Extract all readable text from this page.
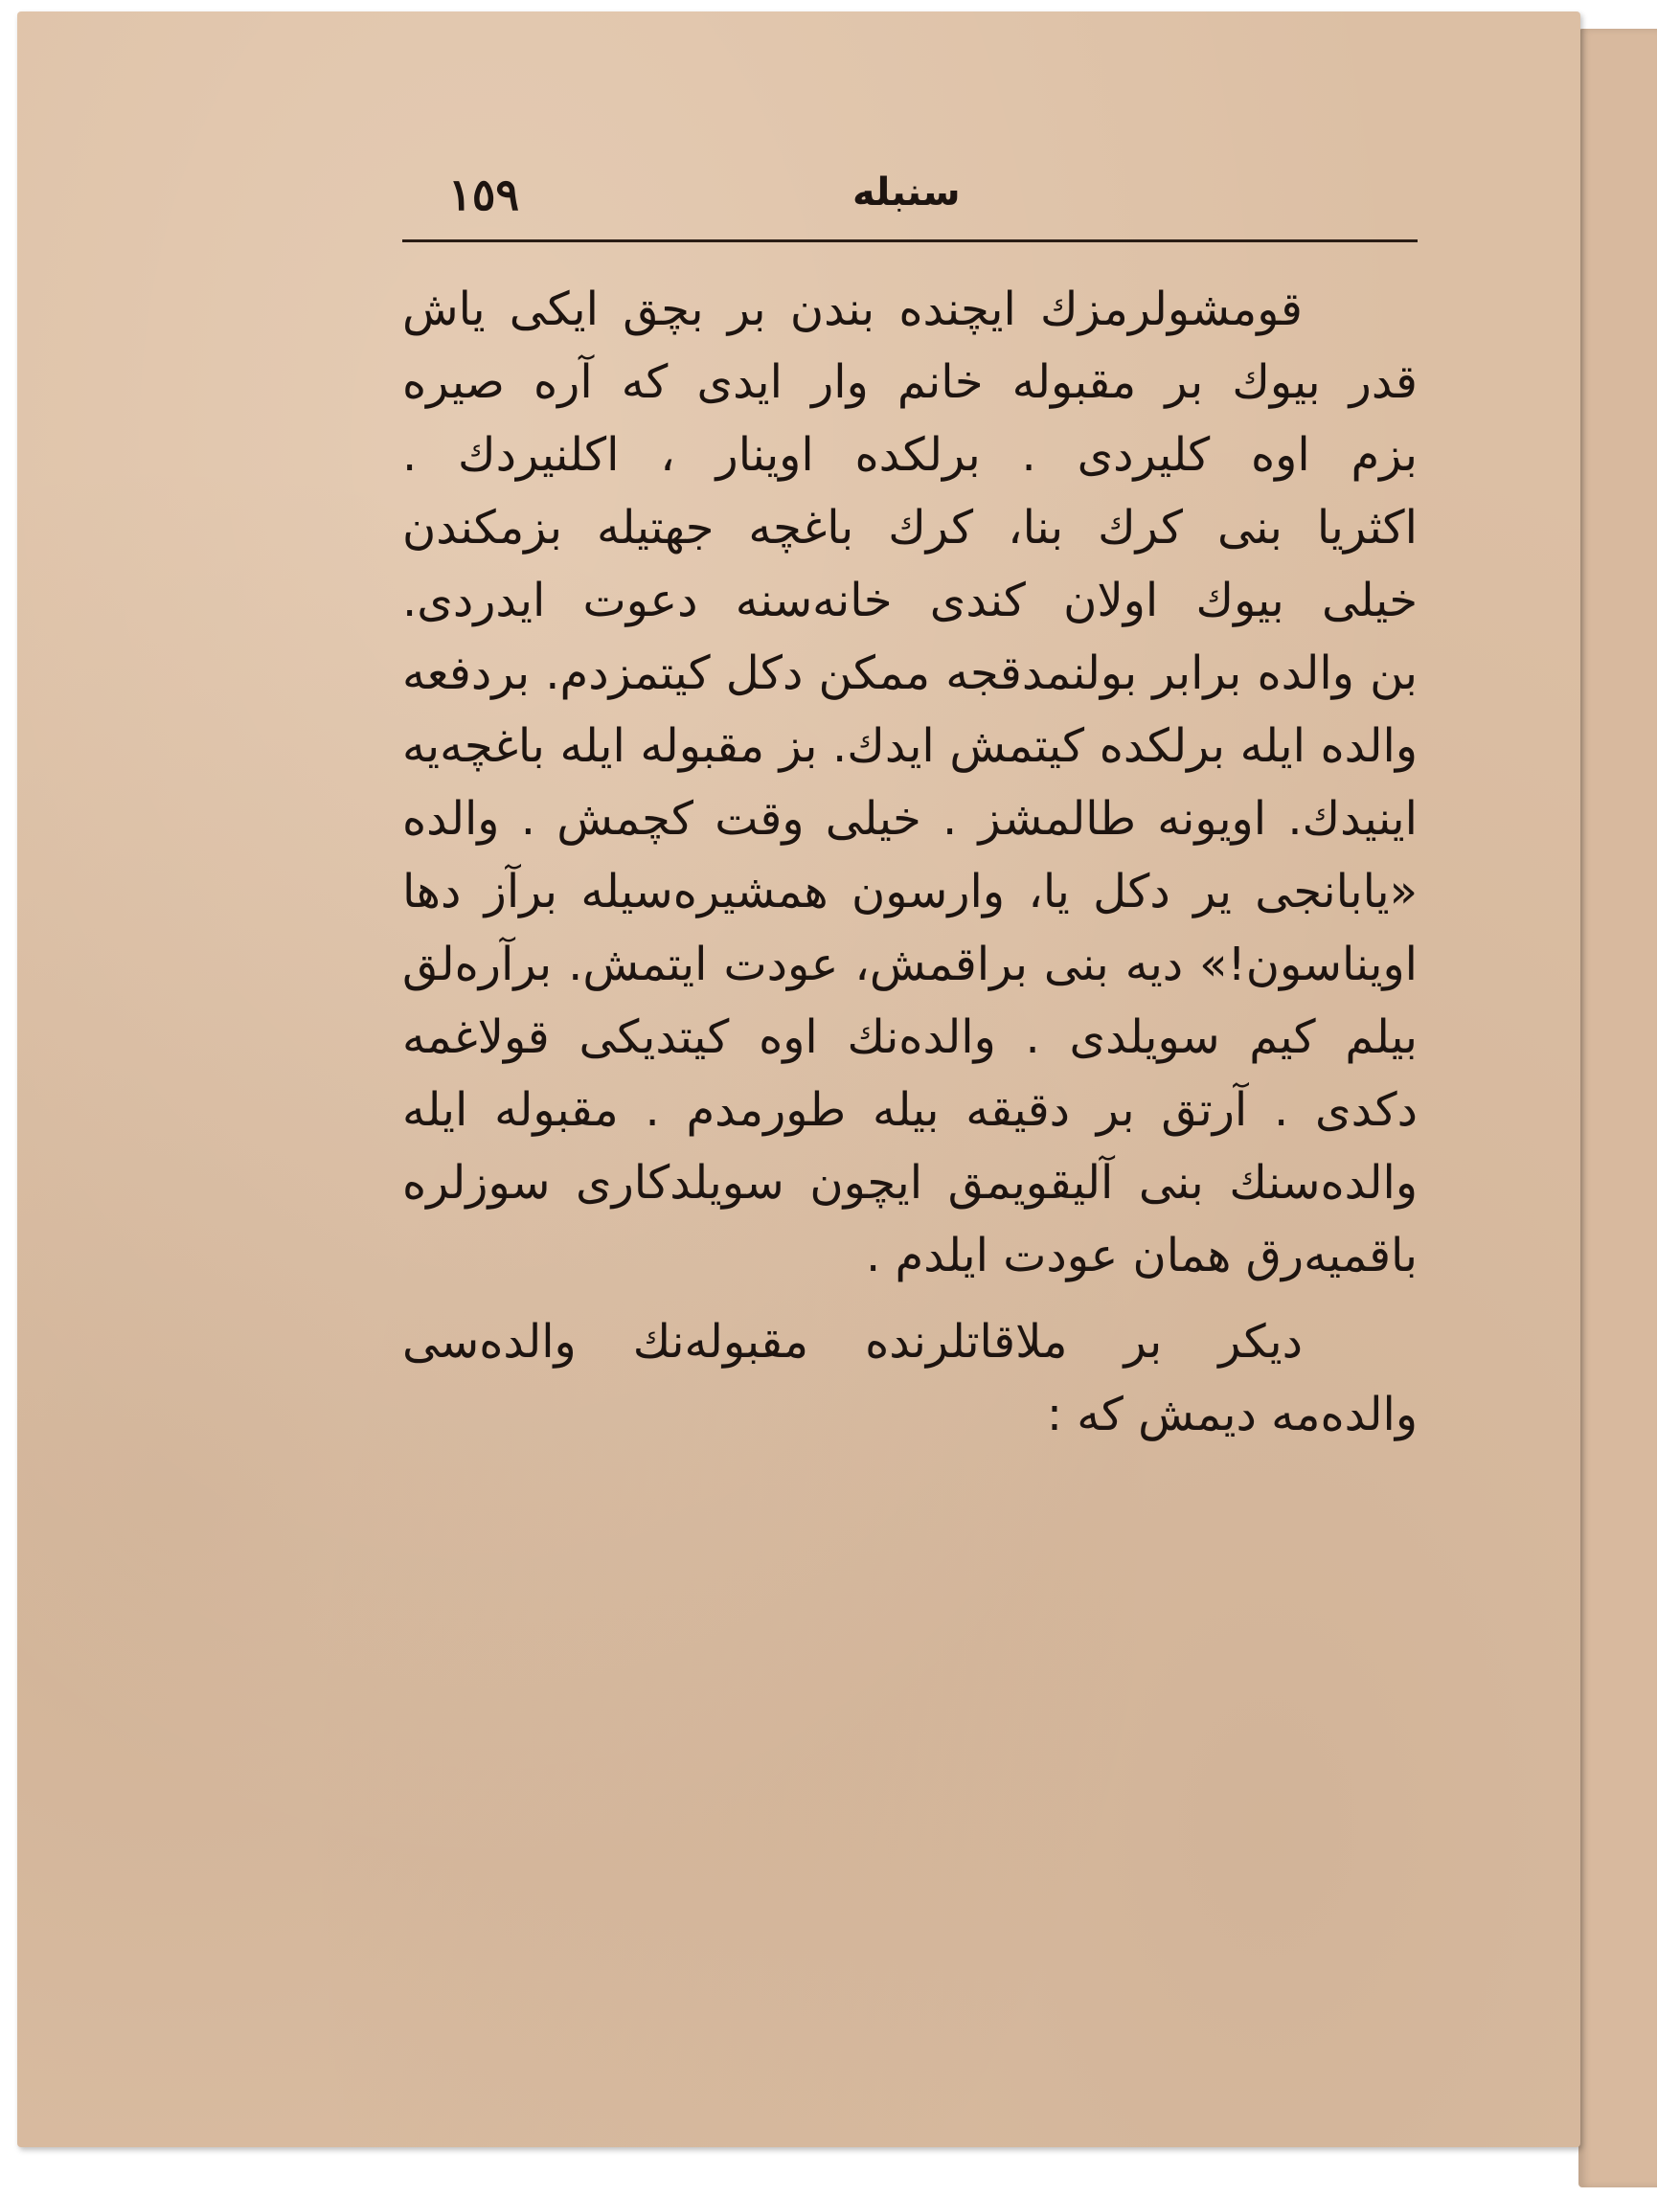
١٥٩	سنبله
قومشولرمزك ایچنده بندن بر بچق ایکی یاش
قدر بیوك بر مقبوله خانم وار ایدی كه آره صیره
بزم اوه كلیردی . برلكده اوینار ، اكلنیردك .
اكثریا بنی كرك بنا، كرك باغچه جهتیله بزمكندن
خیلی بیوك اولان كندی خانه‌سنه دعوت ایدردی.
بن والده برابر بولنمدقجه ممكن دكل كیتمزدم. بردفعه
والده ایله برلكده كیتمش ایدك. بز مقبوله ایله باغچه‌یه
اینیدك. اویونه طالمشز . خیلی وقت كچمش . والده
«یابانجی یر دكل یا، وارسون همشیره‌سیله برآز دها
اویناسون!» دیه بنی براقمش، عودت ایتمش. برآره‌لق
بیلم كیم سویلدی . والده‌نك اوه كیتدیكی قولاغمه
دكدی . آرتق بر دقیقه بیله طورمدم . مقبوله ایله
والده‌سنك بنی آلیقویمق ایچون سویلدكاری سوزلره
باقمیه‌رق همان عودت ایلدم .
دیكر بر ملاقاتلرنده مقبوله‌نك والده‌سی
والده‌مه دیمش كه :
